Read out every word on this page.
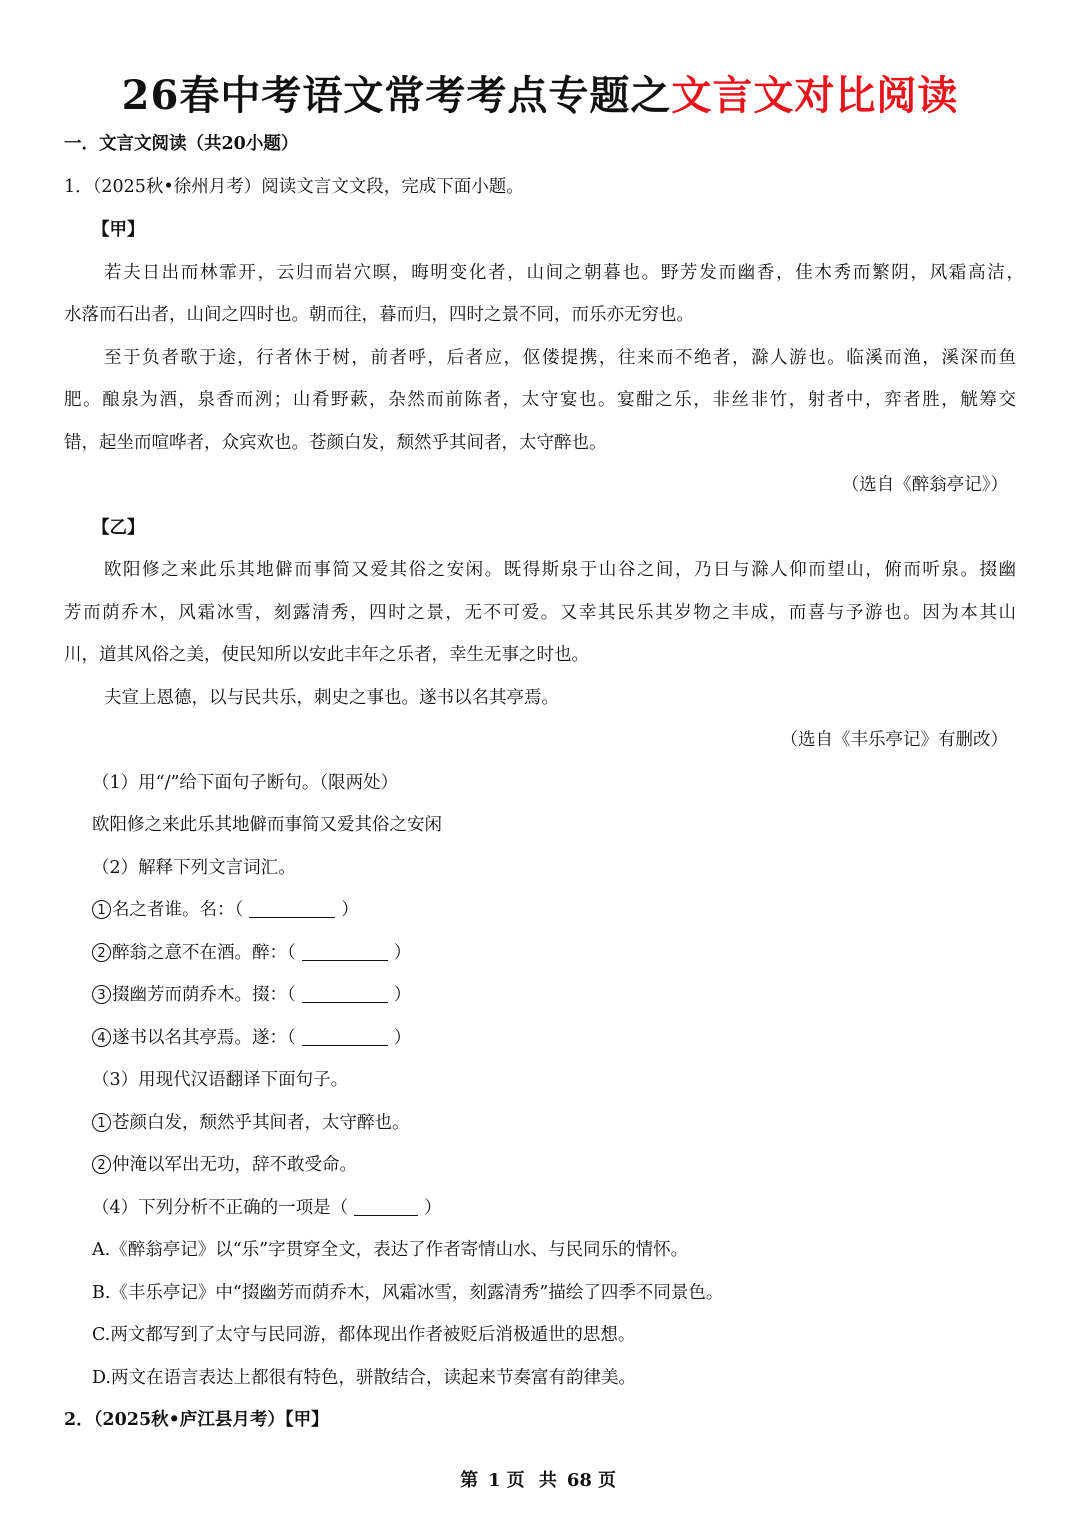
26春中考语文常考考点专题之文言文对比阅读
一．文言文阅读（共20小题）
1．（2025秋•徐州月考）阅读文言文文段，完成下面小题。
【甲】
若夫日出而林霏开，云归而岩穴暝，晦明变化者，山间之朝暮也。野芳发而幽香，佳木秀而繁阴，风霜高洁，
水落而石出者，山间之四时也。朝而往，暮而归，四时之景不同，而乐亦无穷也。
至于负者歌于途，行者休于树，前者呼，后者应，伛偻提携，往来而不绝者，滁人游也。临溪而渔，溪深而鱼
肥。酿泉为酒，泉香而洌；山肴野蔌，杂然而前陈者，太守宴也。宴酣之乐，非丝非竹，射者中，弈者胜，觥筹交
错，起坐而喧哗者，众宾欢也。苍颜白发，颓然乎其间者，太守醉也。
（选自《醉翁亭记》）
【乙】
欧阳修之来此乐其地僻而事简又爱其俗之安闲。既得斯泉于山谷之间，乃日与滁人仰而望山，俯而听泉。掇幽
芳而荫乔木，风霜冰雪，刻露清秀，四时之景，无不可爱。又幸其民乐其岁物之丰成，而喜与予游也。因为本其山
川，道其风俗之美，使民知所以安此丰年之乐者，幸生无事之时也。
夫宣上恩德，以与民共乐，刺史之事也。遂书以名其亭焉。
（选自《丰乐亭记》有删改）
（1）用“/”给下面句子断句。（限两处）
欧阳修之来此乐其地僻而事简又爱其俗之安闲
（2）解释下列文言词汇。
1 名之者谁。名：（	）
2 醉翁之意不在酒。醉：（	）
3 掇幽芳而荫乔木。掇：（	）
4 遂书以名其亭焉。遂：（	）
（3）用现代汉语翻译下面句子。
1 苍颜白发，颓然乎其间者，太守醉也。
2 仲淹以军出无功，辞不敢受命。
（4）下列分析不正确的一项是（	）
A.《醉翁亭记》以“乐”字贯穿全文，表达了作者寄情山水、与民同乐的情怀。
B.《丰乐亭记》中“掇幽芳而荫乔木，风霜冰雪，刻露清秀”描绘了四季不同景色。
C.两文都写到了太守与民同游，都体现出作者被贬后消极遁世的思想。
D.两文在语言表达上都很有特色，骈散结合，读起来节奏富有韵律美。
2．（2025秋•庐江县月考）【甲】
第 1 页 共 68 页
